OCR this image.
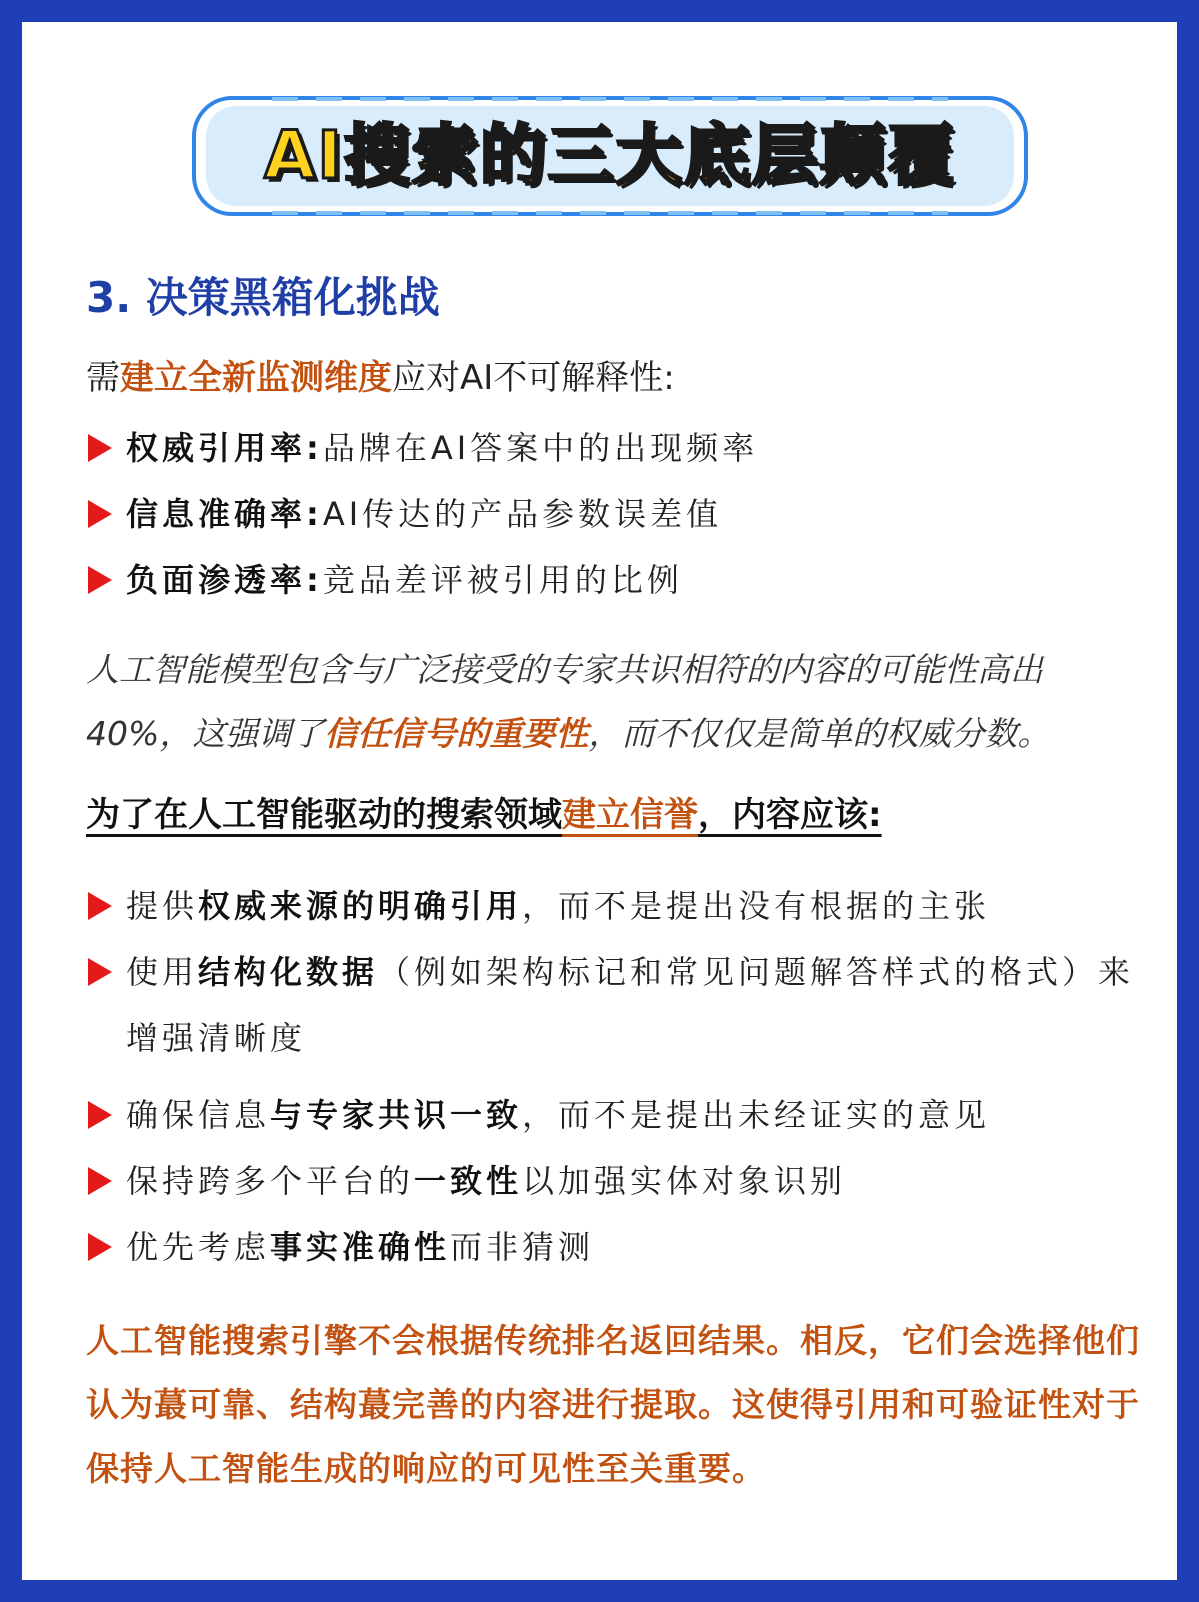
AI搜索的三大底层颠覆
3. 决策黑箱化挑战
需建立全新监测维度应对AI不可解释性:
权威引用率:品牌在AI答案中的出现频率
信息准确率:AI传达的产品参数误差值
负面渗透率:竞品差评被引用的比例
人工智能模型包含与广泛接受的专家共识相符的内容的可能性高出40%，这强调了信任信号的重要性，而不仅仅是简单的权威分数。
为了在人工智能驱动的搜索领域建立信誉，内容应该:
提供权威来源的明确引用，而不是提出没有根据的主张
使用结构化数据（例如架构标记和常见问题解答样式的格式）来增强清晰度
确保信息与专家共识一致，而不是提出未经证实的意见
保持跨多个平台的一致性以加强实体对象识别
优先考虑事实准确性而非猜测
人工智能搜索引擎不会根据传统排名返回结果。相反，它们会选择他们认为蕞可靠、结构蕞完善的内容进行提取。这使得引用和可验证性对于保持人工智能生成的响应的可见性至关重要。
